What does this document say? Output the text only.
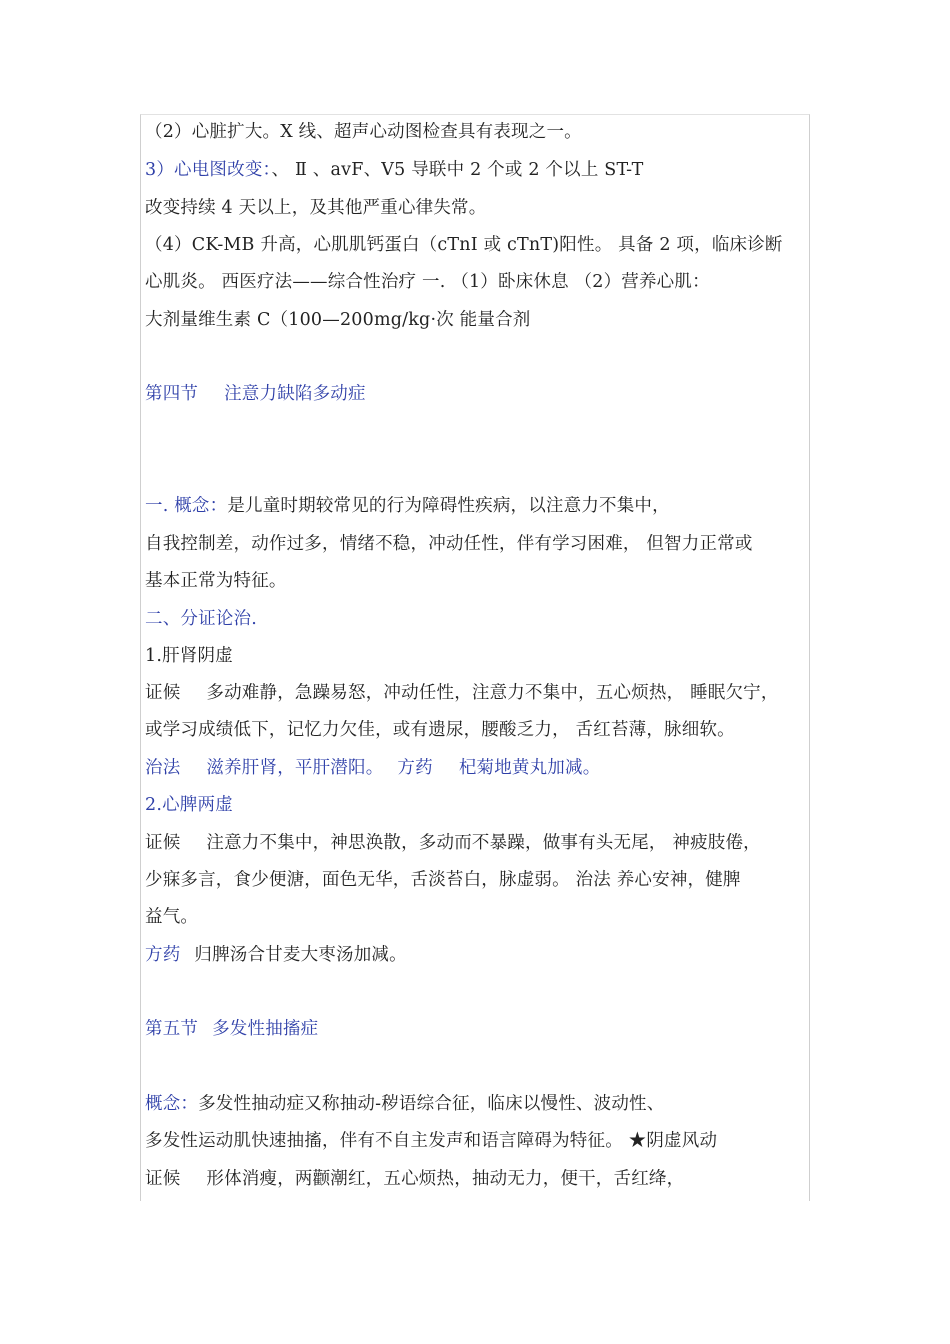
（2）心脏扩大。X 线、超声心动图检查具有表现之一。
3）心电图改变：、 Ⅱ 、avF、V5 导联中 2 个或 2 个以上 ST-T
改变持续 4 天以上，及其他严重心律失常。
（4）CK-MB 升高，心肌肌钙蛋白（cTnI 或 cTnT)阳性。 具备 2 项，临床诊断
心肌炎。 西医疗法——综合性治疗 一. （1）卧床休息 （2）营养心肌：
大剂量维生素 C（100—200mg/kg·次 能量合剂
第四节 注意力缺陷多动症
一. 概念：是儿童时期较常见的行为障碍性疾病，以注意力不集中，
自我控制差，动作过多，情绪不稳，冲动任性，伴有学习困难， 但智力正常或
基本正常为特征。
二、分证论治.
1.肝肾阴虚
证候 多动难静，急躁易怒，冲动任性，注意力不集中，五心烦热， 睡眠欠宁，
或学习成绩低下，记忆力欠佳，或有遗尿，腰酸乏力， 舌红苔薄，脉细软。
治法 滋养肝肾，平肝潜阳。 方药 杞菊地黄丸加减。
2.心脾两虚
证候 注意力不集中，神思涣散，多动而不暴躁，做事有头无尾， 神疲肢倦，
少寐多言，食少便溏，面色无华，舌淡苔白，脉虚弱。 治法 养心安神，健脾
益气。
方药 归脾汤合甘麦大枣汤加减。
第五节 多发性抽搐症
概念：多发性抽动症又称抽动-秽语综合征，临床以慢性、波动性、
多发性运动肌快速抽搐，伴有不自主发声和语言障碍为特征。 ★阴虚风动
证候 形体消瘦，两颧潮红，五心烦热，抽动无力，便干，舌红绛，
